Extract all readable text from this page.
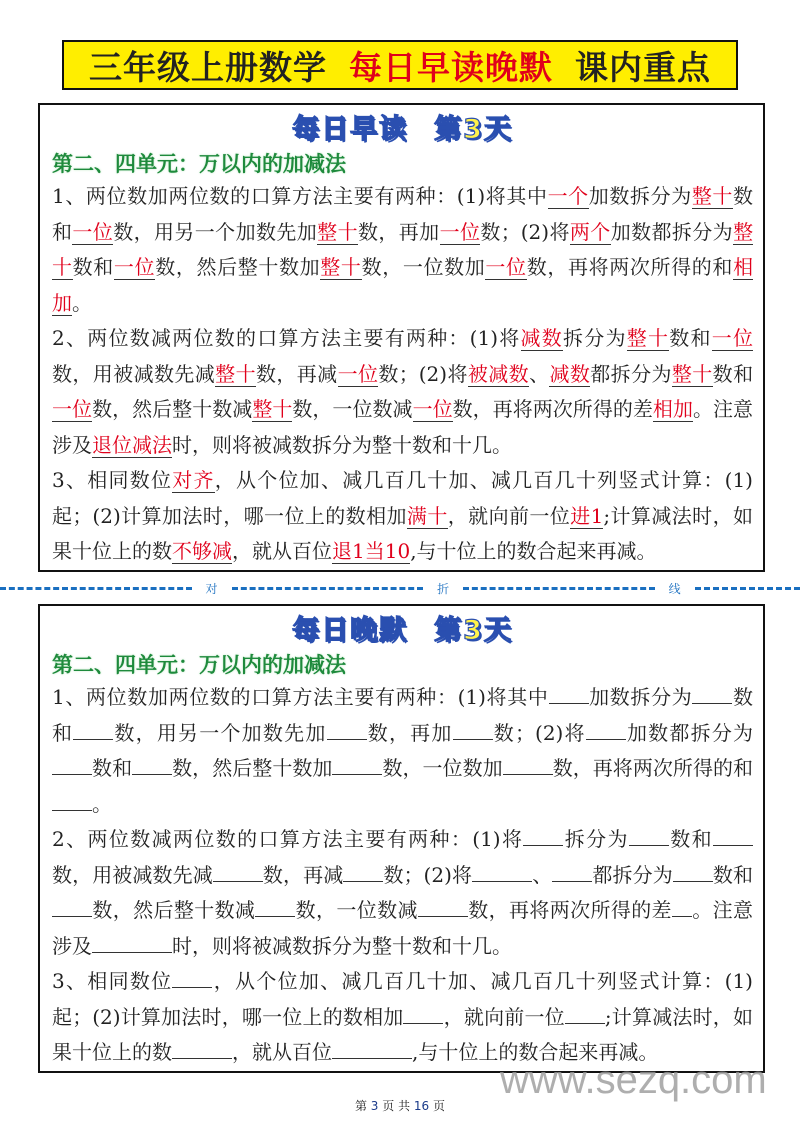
三年级上册数学 每日早读晚默 课内重点
每日早读 第3天
第二、四单元：万以内的加减法

1、两位数加两位数的口算方法主要有两种：(1)将其中一个加数拆分为整十数和一位数，用另一个加数先加整十数，再加一位数；(2)将两个加数都拆分为整十数和一位数，然后整十数加整十数，一位数加一位数，再将两次所得的和相加。

2、两位数减两位数的口算方法主要有两种：(1)将减数拆分为整十数和一位数，用被减数先减整十数，再减一位数；(2)将被减数、减数都拆分为整十数和一位数，然后整十数减整十数，一位数减一位数，再将两次所得的差相加。注意涉及退位减法时，则将被减数拆分为整十数和十几。

3、相同数位对齐，从个位加、减几百几十加、减几百几十列竖式计算：(1)起；(2)计算加法时，哪一位上的数相加满十，就向前一位进1;计算减法时，如果十位上的数不够减，就从百位退1当10,与十位上的数合起来再减。

对	折	线
每日晚默 第3天
第二、四单元：万以内的加减法

1、两位数加两位数的口算方法主要有两种：(1)将其中 加数拆分为 数和 数，用另一个加数先加 数，再加 数；(2)将 加数都拆分为数和 数，然后整十数加	数，一位数加	数，再将两次所得的和。

2、两位数减两位数的口算方法主要有两种：(1)将 拆分为 数和数，用被减数先减	数，再减 数；(2)将	、 都拆分为 数和数，然后整十数减 数，一位数减	数，再将两次所得的差 。注意涉及	时，则将被减数拆分为整十数和十几。

3、相同数位 ，从个位加、减几百几十加、减几百几十列竖式计算：(1)起；(2)计算加法时，哪一位上的数相加 ，就向前一位 ;计算减法时，如果十位上的数	，就从百位	,与十位上的数合起来再减。

www.sezq.com
第 3 页 共 16 页
